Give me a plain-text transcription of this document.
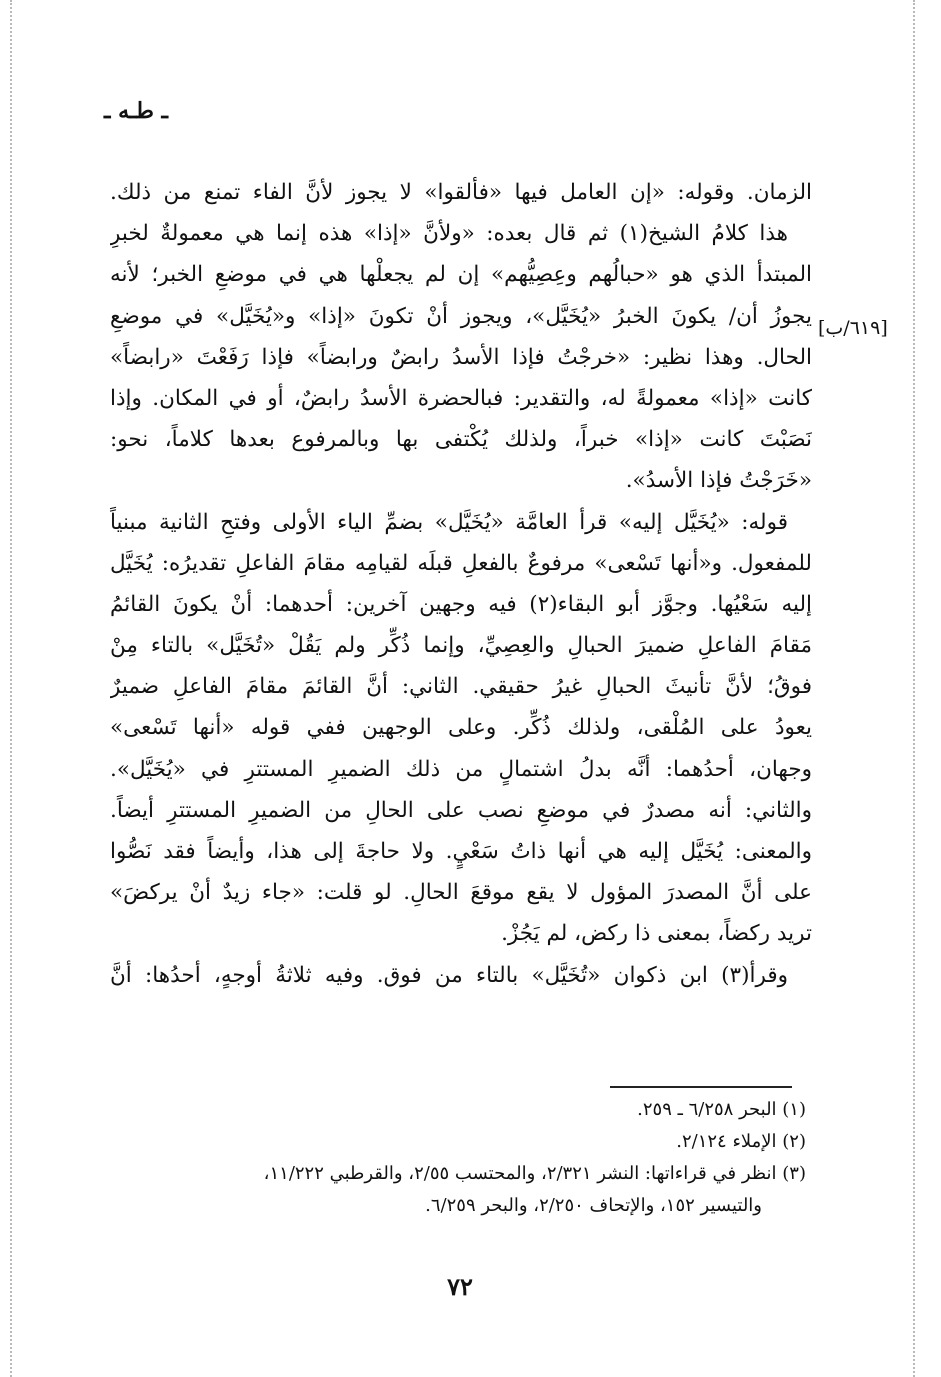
ـ طـه ـ
[٦١٩/ب]
الزمان. وقوله: «إن العامل فيها «فألقوا» لا يجوز لأنَّ الفاء تمنع من ذلك.
هذا كلامُ الشيخ(١) ثم قال بعده: «ولأنَّ «إذا» هذه إنما هي معمولةٌ لخبرِ
المبتدأ الذي هو «حبالُهم وعِصِيُّهم» إن لم يجعلْها هي في موضعِ الخبر؛ لأنه
يجوزُ أن/ يكونَ الخبرُ «يُخَيَّل»، ويجوز أنْ تكونَ «إذا» و«يُخَيَّل» في موضعِ
الحال. وهذا نظير: «خرجْتُ فإذا الأسدُ رابضٌ ورابضاً» فإذا رَفَعْتَ «رابضاً»
كانت «إذا» معمولةً له، والتقدير: فبالحضرة الأسدُ رابضٌ، أو في المكان. وإذا
نَصَبْتَ كانت «إذا» خبراً، ولذلك يُكْتفى بها وبالمرفوع بعدها كلاماً، نحو:
«خَرَجْتُ فإذا الأسدُ».
قوله: «يُخَيَّل إليه» قرأ العامَّة «يُخَيَّل» بضمِّ الياء الأولى وفتحِ الثانية مبنياً
للمفعول. و«أنها تَسْعى» مرفوعٌ بالفعلِ قبلَه لقيامِه مقامَ الفاعلِ تقديرُه: يُخَيَّل
إليه سَعْيُها. وجوَّز أبو البقاء(٢) فيه وجهين آخرين: أحدهما: أنْ يكونَ القائمُ
مَقامَ الفاعلِ ضميرَ الحبالِ والعِصِيِّ، وإنما ذُكِّر ولم يَقُلْ «تُخَيَّل» بالتاء مِنْ
فوقُ؛ لأنَّ تأنيثَ الحبالِ غيرُ حقيقي. الثاني: أنَّ القائمَ مقامَ الفاعلِ ضميرٌ
يعودُ على المُلْقى، ولذلك ذُكِّر. وعلى الوجهين ففي قوله «أنها تَسْعى»
وجهان، أحدُهما: أنَّه بدلُ اشتمالٍ من ذلك الضميرِ المستترِ في «يُخَيَّل».
والثاني: أنه مصدرٌ في موضعِ نصب على الحالِ من الضميرِ المستترِ أيضاً.
والمعنى: يُخَيَّل إليه هي أنها ذاتُ سَعْيٍ. ولا حاجةَ إلى هذا، وأيضاً فقد نَصُّوا
على أنَّ المصدرَ المؤول لا يقع موقعَ الحالِ. لو قلت: «جاء زيدٌ أنْ يركضَ»
تريد ركضاً، بمعنى ذا ركض، لم يَجُزْ.
وقرأ(٣) ابن ذكوان «تُخَيَّل» بالتاء من فوق. وفيه ثلاثةُ أوجهٍ، أحدُها: أنَّ
(١) البحر ٦/٢٥٨ ـ ٢٥٩.
(٢) الإملاء ٢/١٢٤.
(٣) انظر في قراءاتها: النشر ٢/٣٢١، والمحتسب ٢/٥٥، والقرطبي ١١/٢٢٢،
والتيسير ١٥٢، والإتحاف ٢/٢٥٠، والبحر ٦/٢٥٩.
٧٢
